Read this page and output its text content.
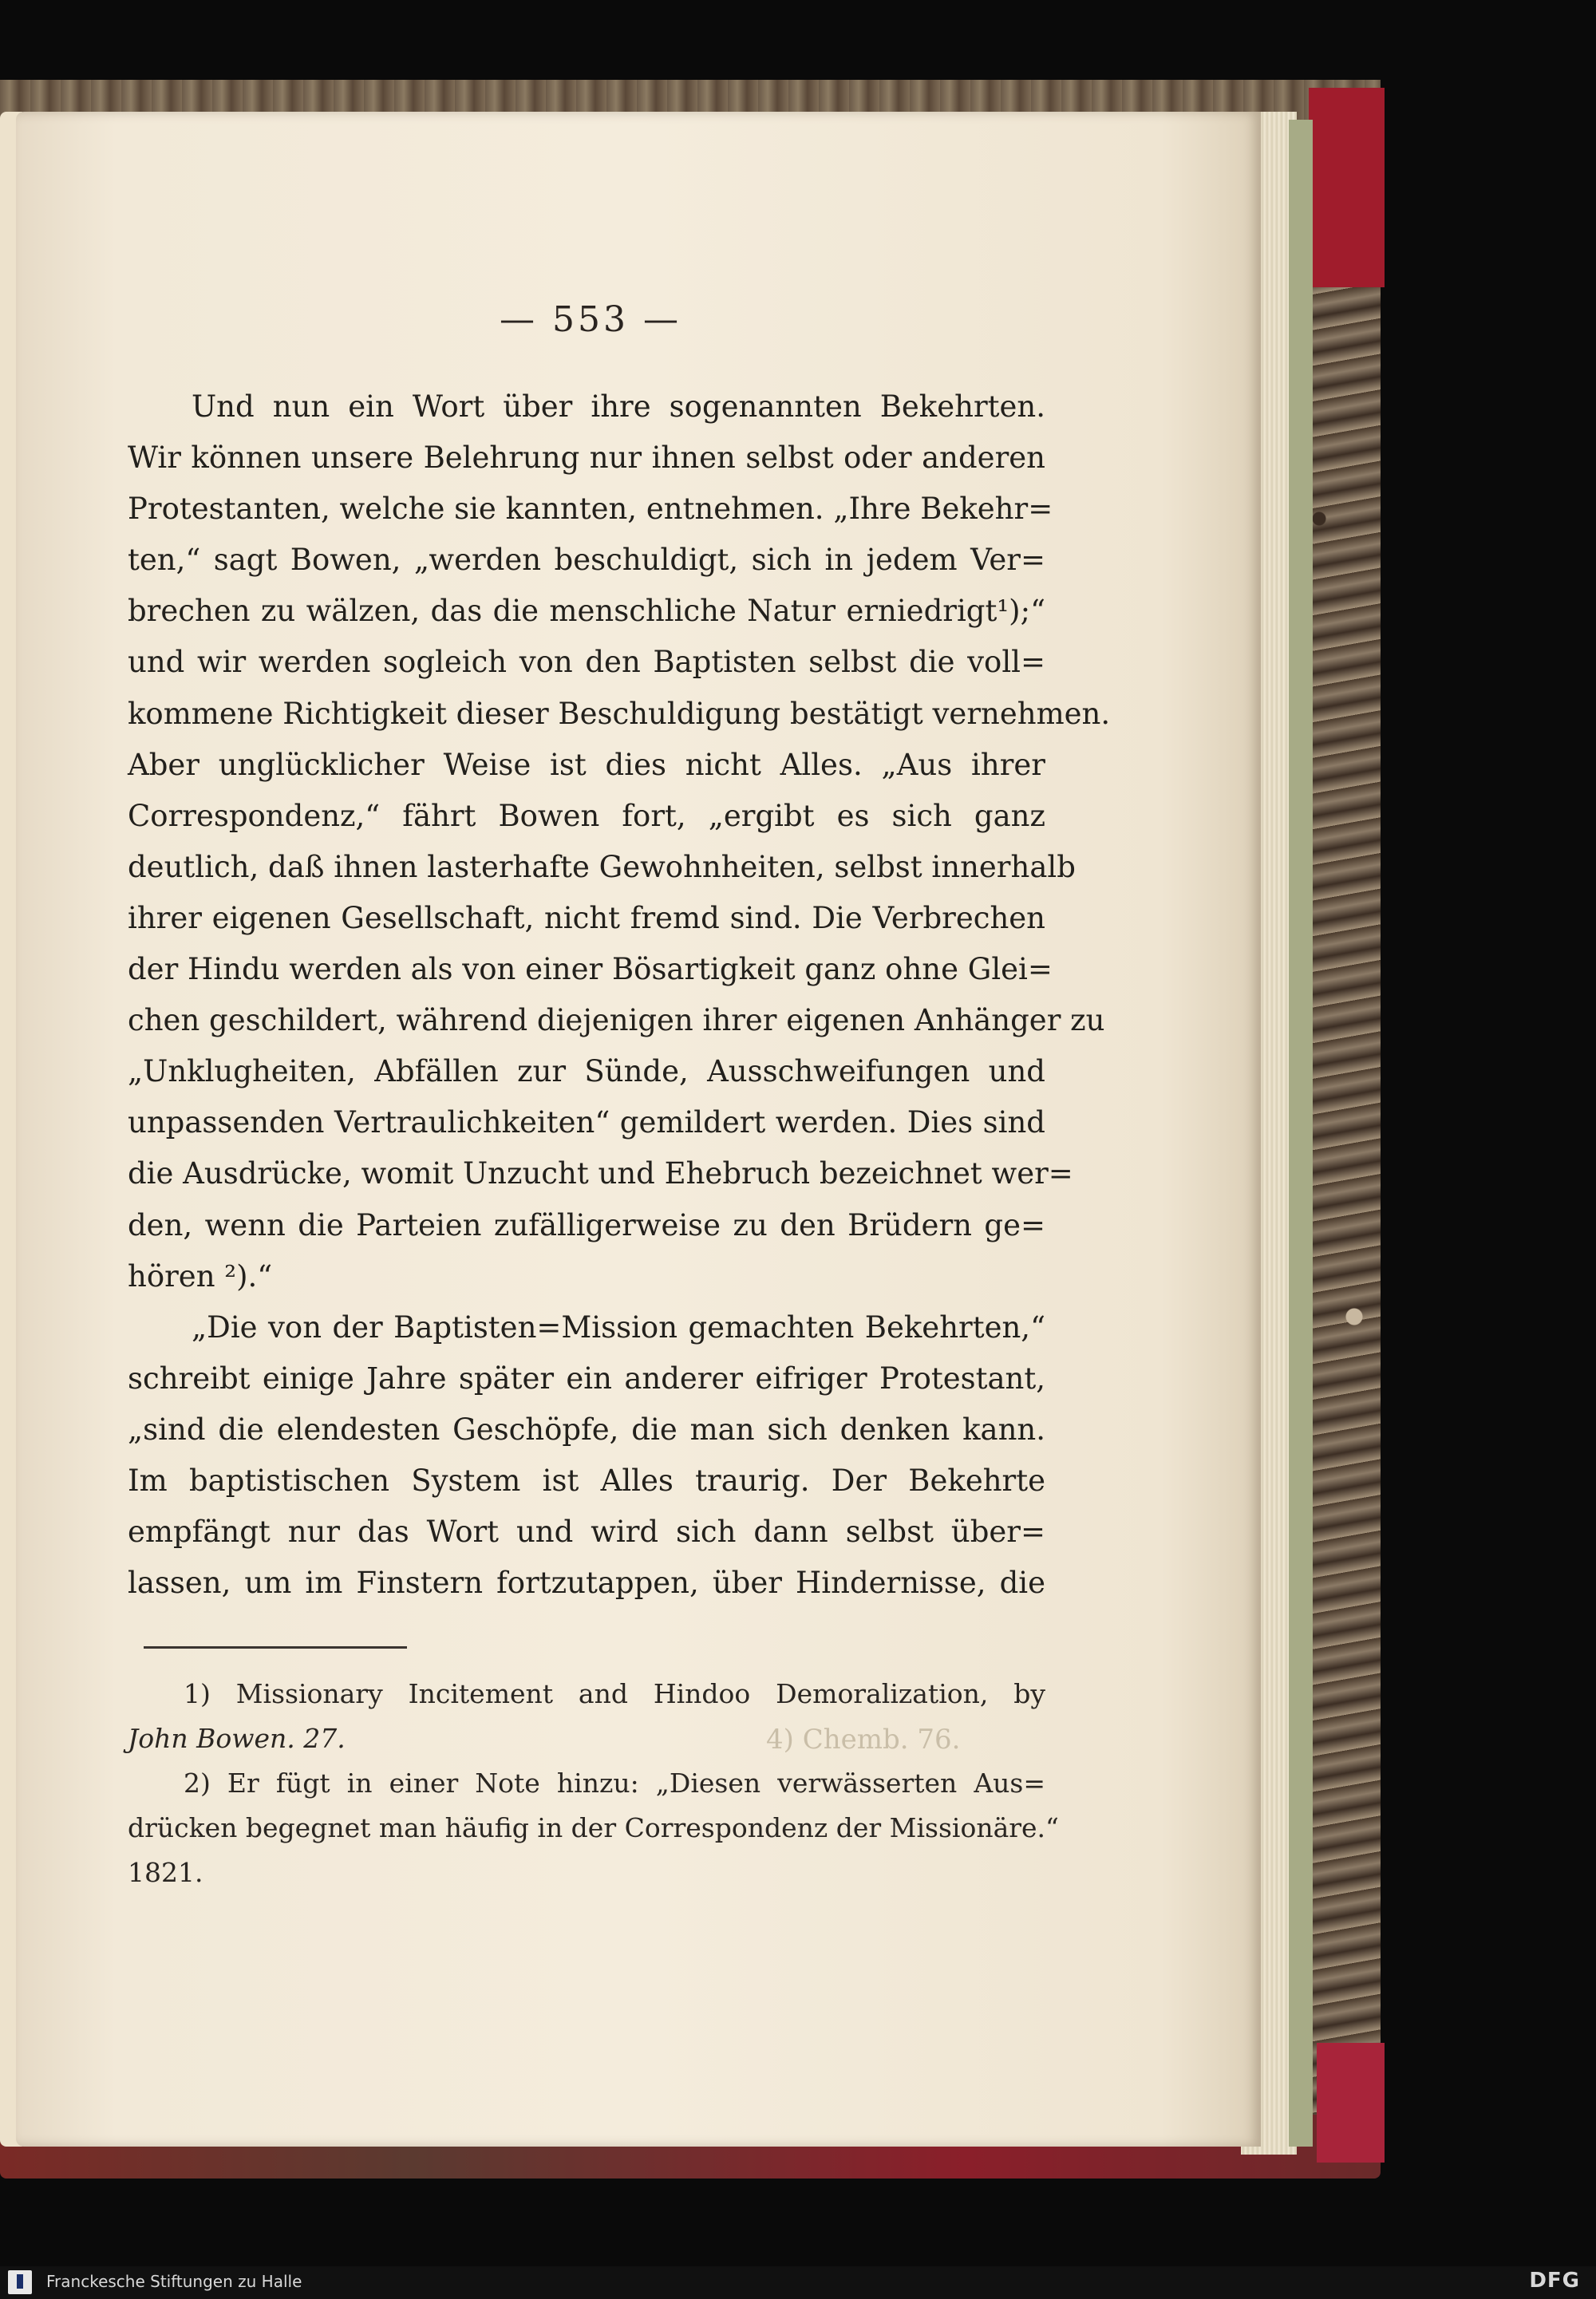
— 553 —
Und nun ein Wort über ihre sogenannten Bekehrten.
Wir können unsere Belehrung nur ihnen selbst oder anderen
Protestanten, welche sie kannten, entnehmen. „Ihre Bekehr=
ten,“ sagt Bowen, „werden beschuldigt, sich in jedem Ver=
brechen zu wälzen, das die menschliche Natur erniedrigt¹);“
und wir werden sogleich von den Baptisten selbst die voll=
kommene Richtigkeit dieser Beschuldigung bestätigt vernehmen.
Aber unglücklicher Weise ist dies nicht Alles. „Aus ihrer
Correspondenz,“ fährt Bowen fort, „ergibt es sich ganz
deutlich, daß ihnen lasterhafte Gewohnheiten, selbst innerhalb
ihrer eigenen Gesellschaft, nicht fremd sind. Die Verbrechen
der Hindu werden als von einer Bösartigkeit ganz ohne Glei=
chen geschildert, während diejenigen ihrer eigenen Anhänger zu
„Unklugheiten, Abfällen zur Sünde, Ausschweifungen und
unpassenden Vertraulichkeiten“ gemildert werden. Dies sind
die Ausdrücke, womit Unzucht und Ehebruch bezeichnet wer=
den, wenn die Parteien zufälligerweise zu den Brüdern ge=
hören ²).“
„Die von der Baptisten=Mission gemachten Bekehrten,“
schreibt einige Jahre später ein anderer eifriger Protestant,
„sind die elendesten Geschöpfe, die man sich denken kann.
Im baptistischen System ist Alles traurig. Der Bekehrte
empfängt nur das Wort und wird sich dann selbst über=
lassen, um im Finstern fortzutappen, über Hindernisse, die
1) Missionary Incitement and Hindoo Demoralization, by
John Bowen. 27.
2) Er fügt in einer Note hinzu: „Diesen verwässerten Aus=
drücken begegnet man häufig in der Correspondenz der Missionäre.“
1821.
4) Chemb. 76.
Franckesche Stiftungen zu Halle	DFG
